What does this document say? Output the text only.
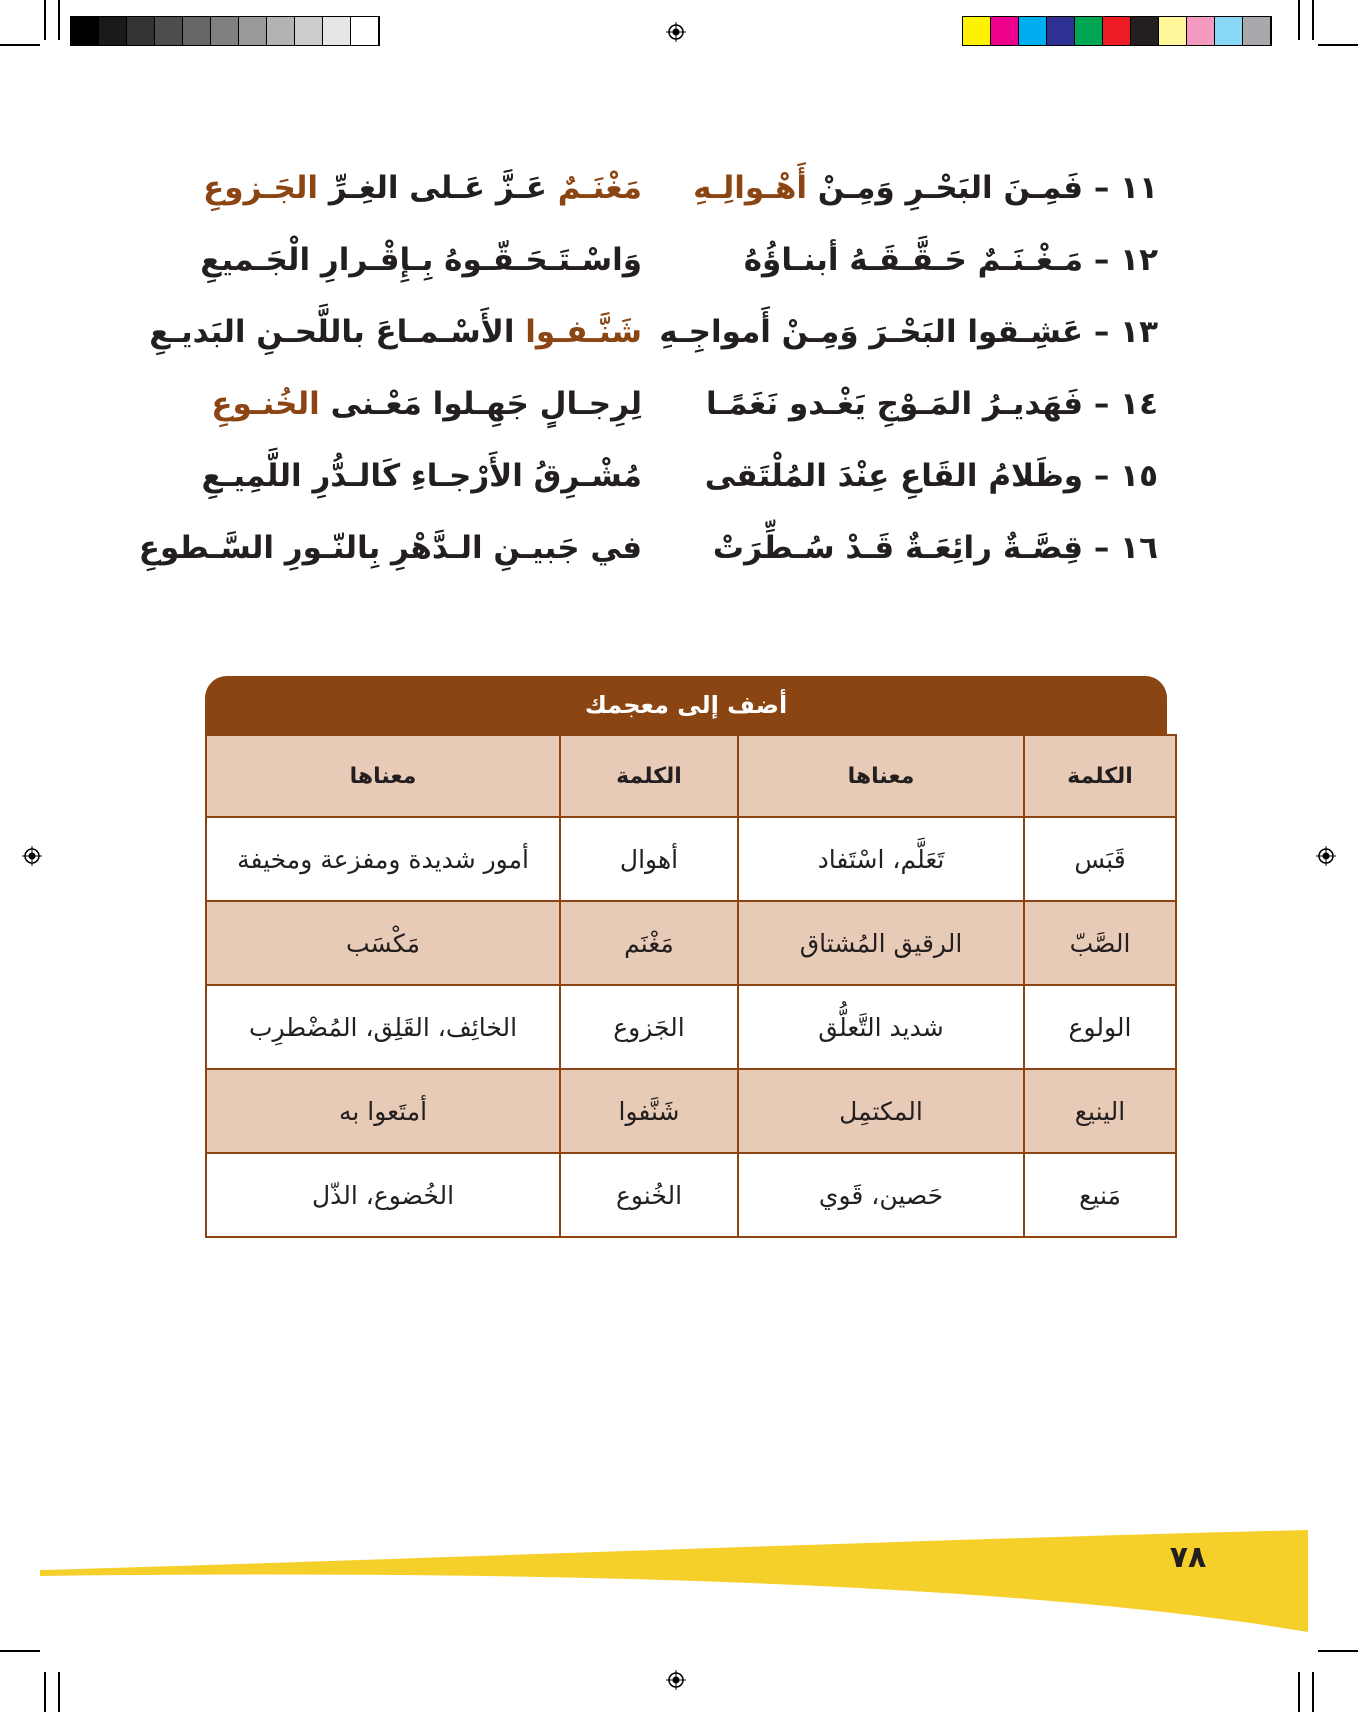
١١ – فَمِـنَ البَحْـرِ وَمِـنْ أَهْـوالِـهِ
مَغْنَـمٌ عَـزَّ عَـلى الغِـرِّ الجَـزوعِ
١٢ – مَـغْـنَـمٌ حَـقَّـقَـهُ أبنـاؤُهُ
وَاسْـتَـحَـقّـوهُ بِـإِقْـرارِ الْجَـميعِ
١٣ – عَشِـقوا البَحْـرَ وَمِـنْ أَمواجِـهِ
شَنَّـفـوا الأَسْـمـاعَ باللَّحـنِ البَديـعِ
١٤ – فَهَديـرُ المَـوْجِ يَغْـدو نَغَمًـا
لِرِجـالٍ جَهِـلوا مَعْـنى الخُنـوعِ
١٥ – وظَلامُ القَاعِ عِنْدَ المُلْتَقى
مُشْـرِقُ الأَرْجـاءِ كَالـدُّرِ اللَّمِيـعِ
١٦ – قِصَّـةٌ رائِعَـةٌ قَـدْ سُـطِّرَتْ
في جَبيـنِ الـدَّهْرِ بِالنّـورِ السَّـطوعِ
أضف إلى معجمك
الكلمة	معناها	الكلمة	معناها
قَبَس	تَعَلَّم، اسْتَفاد	أهوال	أمور شديدة ومفزعة ومخيفة
الصَّبّ	الرقيق المُشتاق	مَغْنَم	مَكْسَب
الولوع	شديد التَّعلُّق	الجَزوع	الخائِف، القَلِق، المُضْطرِب
الينيع	المكتمِل	شَنَّفوا	أمتَعوا به
مَنيع	حَصين، قَوي	الخُنوع	الخُضوع، الذّل
٧٨
